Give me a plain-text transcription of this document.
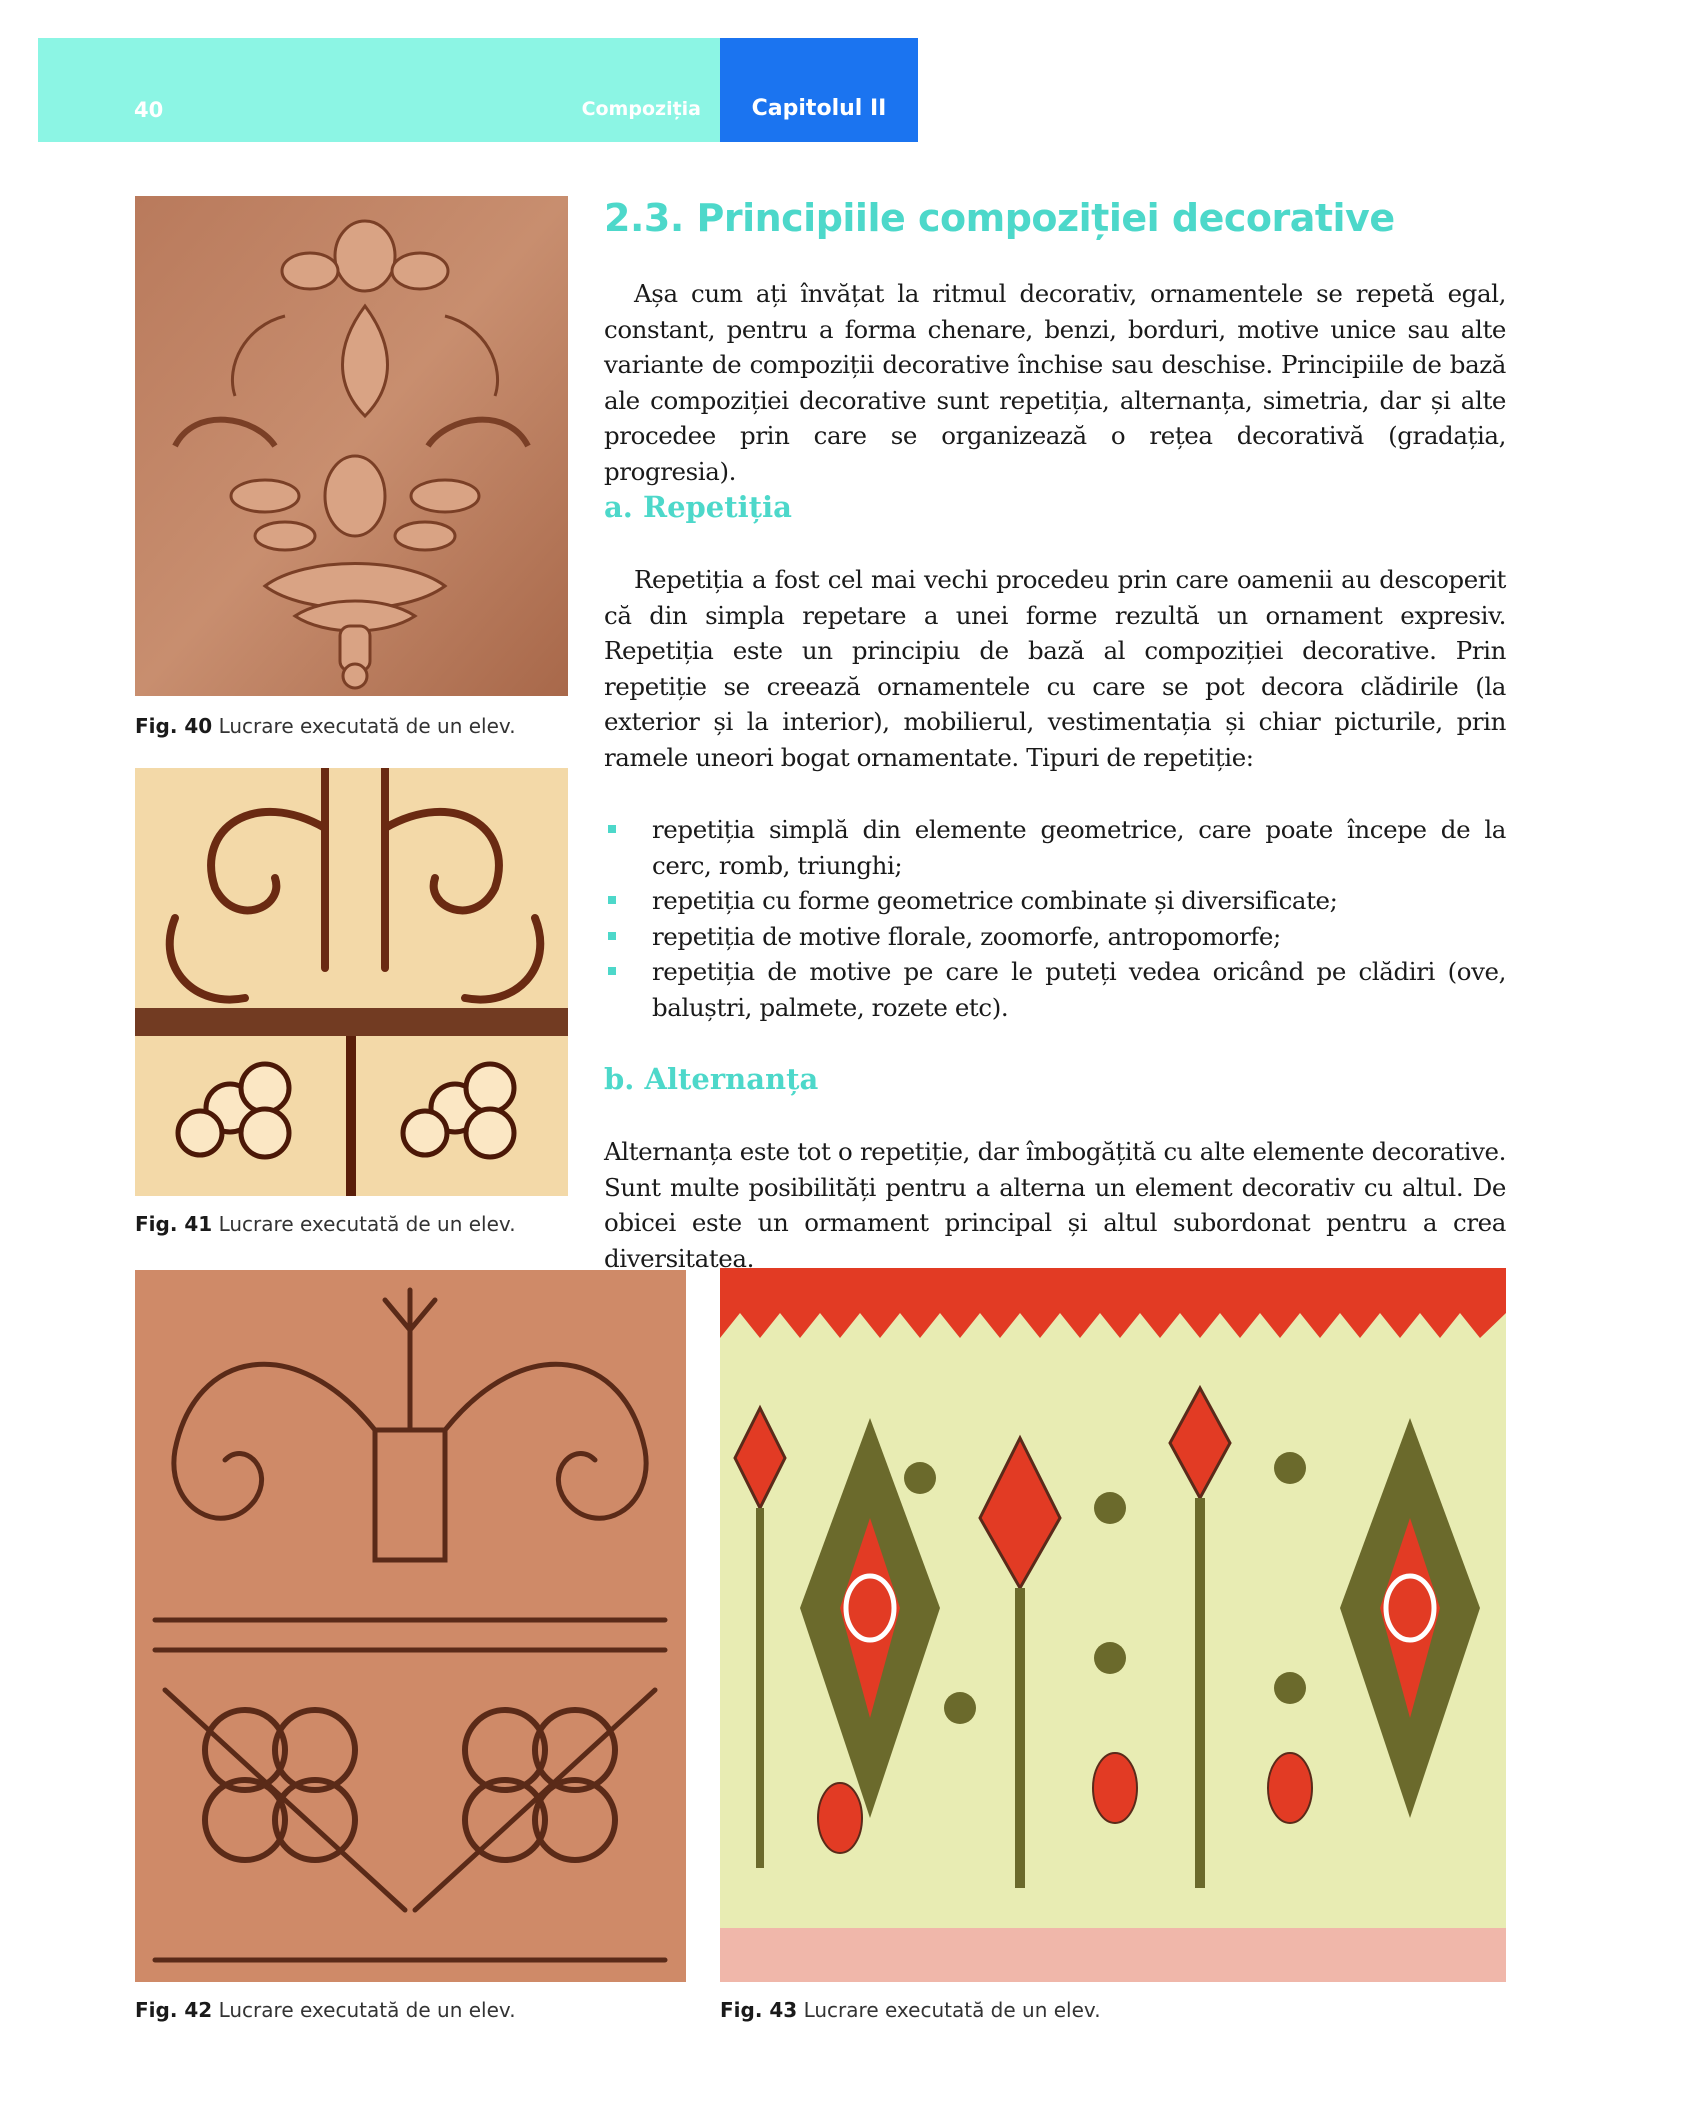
40	Compoziția	Capitolul II
Fig. 40 Lucrare executată de un elev.
Fig. 41 Lucrare executată de un elev.
Fig. 42 Lucrare executată de un elev.	Fig. 43 Lucrare executată de un elev.
2.3. Principiile compoziției decorative

Așa cum ați învățat la ritmul decorativ, ornamentele se repetă egal, constant, pentru a forma chenare, benzi, borduri, motive unice sau alte variante de compoziții decorative închise sau deschise. Principiile de bază ale compoziției decorative sunt repetiția, alternanța, simetria, dar și alte procedee prin care se organizează o rețea decorativă (gradația, progresia).

a. Repetiția

Repetiția a fost cel mai vechi procedeu prin care oamenii au descoperit că din simpla repetare a unei forme rezultă un ornament expresiv. Repetiția este un principiu de bază al compoziției decorative. Prin repetiție se creează ornamentele cu care se pot decora clădirile (la exterior și la interior), mobilierul, vestimentația și chiar picturile, prin ramele uneori bogat ornamentate. Tipuri de repetiție:

repetiția simplă din elemente geometrice, care poate începe de la cerc, romb, triunghi;
repetiția cu forme geometrice combinate și diversificate;
repetiția de motive florale, zoomorfe, antropomorfe;
repetiția de motive pe care le puteți vedea oricând pe clădiri (ove, baluștri, palmete, rozete etc).
b. Alternanța

Alternanța este tot o repetiție, dar îmbogățită cu alte elemente decorative. Sunt multe posibilități pentru a alterna un element decorativ cu altul. De obicei este un ormament principal și altul subordonat pentru a crea diversitatea.
